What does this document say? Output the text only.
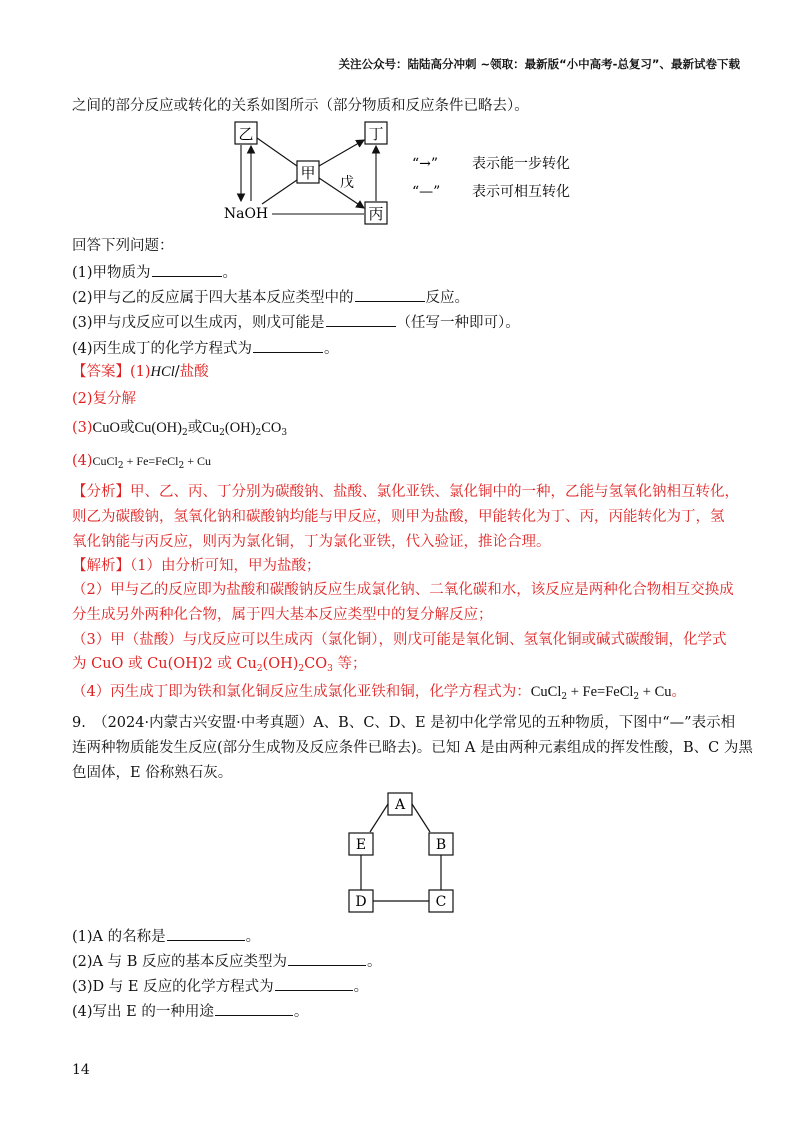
关注公众号：陆陆高分冲刺 ~领取：最新版“小中高考-总复习”、最新试卷下载
之间的部分反应或转化的关系如图所示（部分物质和反应条件已略去）。
乙
甲
丁
丙
戊
NaOH
“→” 表示能一步转化
“—” 表示可相互转化
回答下列问题：
(1)甲物质为	。
(2)甲与乙的反应属于四大基本反应类型中的	反应。
(3)甲与戊反应可以生成丙，则戊可能是	（任写一种即可）。
(4)丙生成丁的化学方程式为	。
【答案】(1)HCl/盐酸
(2)复分解
(3)CuO或$Cu(OH)_2$或$Cu_2(OH)_2CO_3$
(4)CuCl$_2$ + Fe=FeCl$_2$ + Cu
【分析】甲、乙、丙、丁分别为碳酸钠、盐酸、氯化亚铁、氯化铜中的一种，乙能与氢氧化钠相互转化，
则乙为碳酸钠，氢氧化钠和碳酸钠均能与甲反应，则甲为盐酸，甲能转化为丁、丙，丙能转化为丁，氢
氧化钠能与丙反应，则丙为氯化铜，丁为氯化亚铁，代入验证，推论合理。
【解析】（1）由分析可知，甲为盐酸；
（2）甲与乙的反应即为盐酸和碳酸钠反应生成氯化钠、二氧化碳和水，该反应是两种化合物相互交换成
分生成另外两种化合物，属于四大基本反应类型中的复分解反应；
（3）甲（盐酸）与戊反应可以生成丙（氯化铜），则戊可能是氧化铜、氢氧化铜或碱式碳酸铜，化学式
为 CuO 或 Cu(OH)2 或 $Cu_2(OH)_2CO_3$ 等；
（4）丙生成丁即为铁和氯化铜反应生成氯化亚铁和铜，化学方程式为：CuCl$_2$ + Fe=FeCl$_2$ + Cu。
9.　（2024·内蒙古兴安盟·中考真题）A、B、C、D、E 是初中化学常见的五种物质，下图中“—”表示相
连两种物质能发生反应(部分生成物及反应条件已略去)。已知 A 是由两种元素组成的挥发性酸，B、C 为黑
色固体，E 俗称熟石灰。
A
E	B
D	C
(1)A 的名称是	。
(2)A 与 B 反应的基本反应类型为	。
(3)D 与 E 反应的化学方程式为	。
(4)写出 E 的一种用途	。
14
